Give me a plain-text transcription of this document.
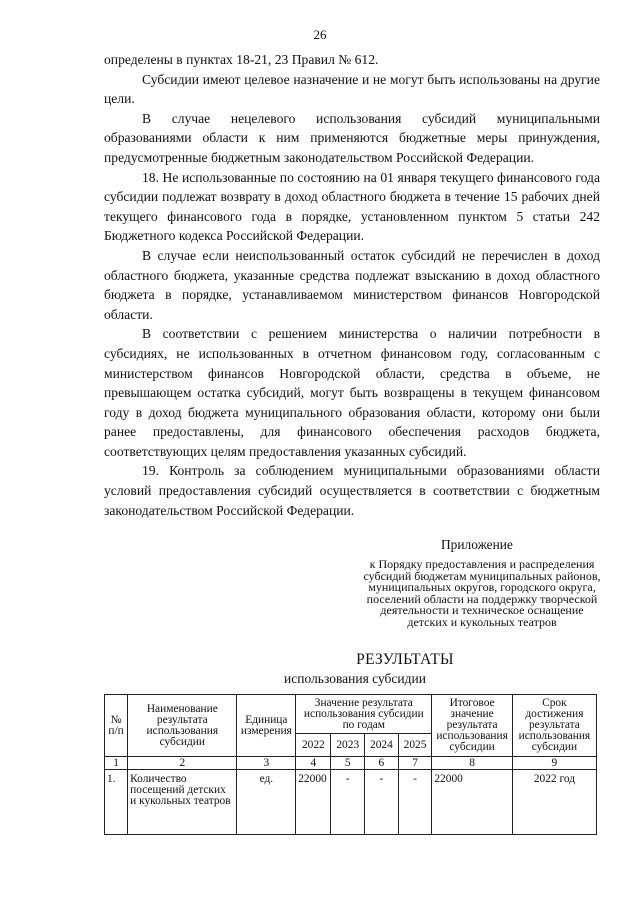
26

определены в пунктах 18-21, 23 Правил № 612.

Субсидии имеют целевое назначение и не могут быть использованы на другие цели.

В случае нецелевого использования субсидий муниципальными образованиями области к ним применяются бюджетные меры принуждения, предусмотренные бюджетным законодательством Российской Федерации.

18. Не использованные по состоянию на 01 января текущего финансового года субсидии подлежат возврату в доход областного бюджета в течение 15 рабочих дней текущего финансового года в порядке, установленном пунктом 5 статьи 242 Бюджетного кодекса Российской Федерации.

В случае если неиспользованный остаток субсидий не перечислен в доход областного бюджета, указанные средства подлежат взысканию в доход областного бюджета в порядке, устанавливаемом министерством финансов Новгородской области.

В соответствии с решением министерства о наличии потребности в субсидиях, не использованных в отчетном финансовом году, согласованным с министерством финансов Новгородской области, средства в объеме, не превышающем остатка субсидий, могут быть возвращены в текущем финансовом году в доход бюджета муниципального образования области, которому они были ранее предоставлены, для финансового обеспечения расходов бюджета, соответствующих целям предоставления указанных субсидий.

19. Контроль за соблюдением муниципальными образованиями области условий предоставления субсидий осуществляется в соответствии с бюджетным законодательством Российской Федерации.

Приложение
к Порядку предоставления и распределения субсидий бюджетам муниципальных районов, муниципальных округов, городского округа, поселений области на поддержку творческой деятельности и техническое оснащение детских и кукольных театров
РЕЗУЛЬТАТЫ
использования субсидии
№ п/п	Наименование результата использования субсидии	Единица измерения	Значение результата использования субсидии по годам				Итоговое значение результата использования субсидии	Срок достижения результата использования субсидии
			2022	2023	2024	2025		
1	2	3	4	5	6	7	8	9
1.	Количество посещений детских и кукольных театров	ед.	22000	-	-	-	22000	2022 год
